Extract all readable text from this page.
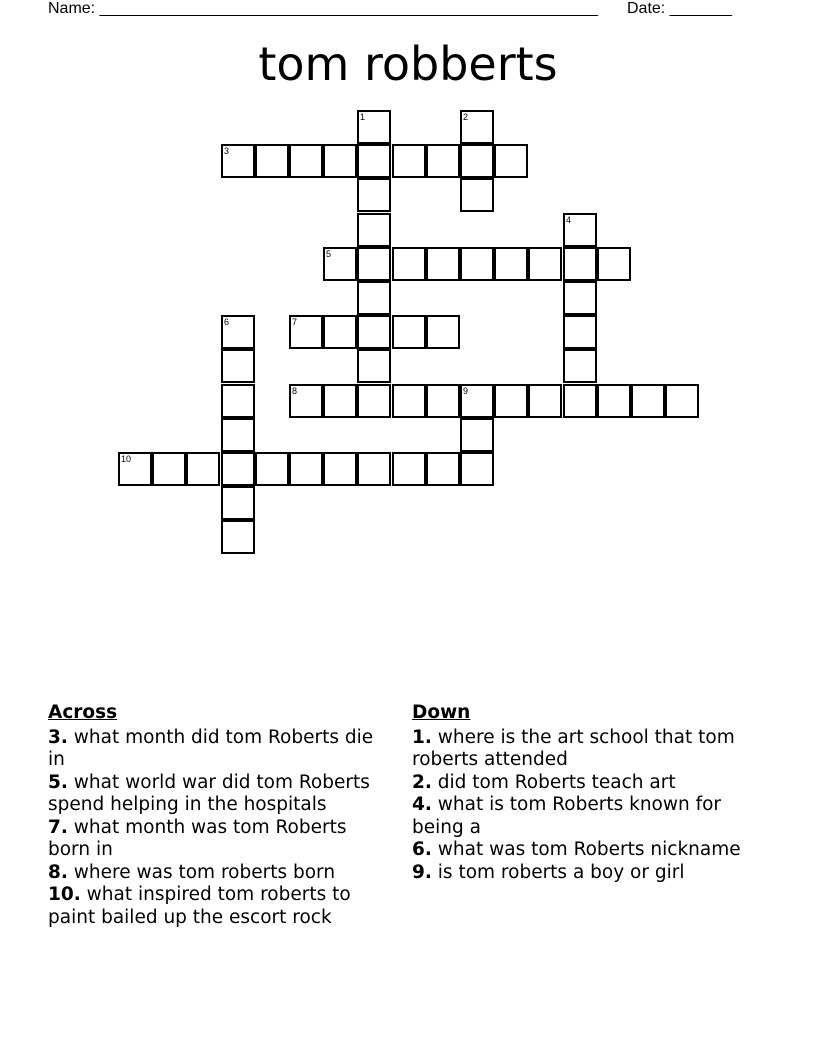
Name: ________________________________________________________ Date: _______
tom robberts
3
5
7
8	9
10
1	2
4
6
Across
3. what month did tom Roberts die in
5. what world war did tom Roberts spend helping in the hospitals
7. what month was tom Roberts born in
8. where was tom roberts born
10. what inspired tom roberts to paint bailed up the escort rock
Down
1. where is the art school that tom roberts attended
2. did tom Roberts teach art
4. what is tom Roberts known for being a
6. what was tom Roberts nickname
9. is tom roberts a boy or girl
